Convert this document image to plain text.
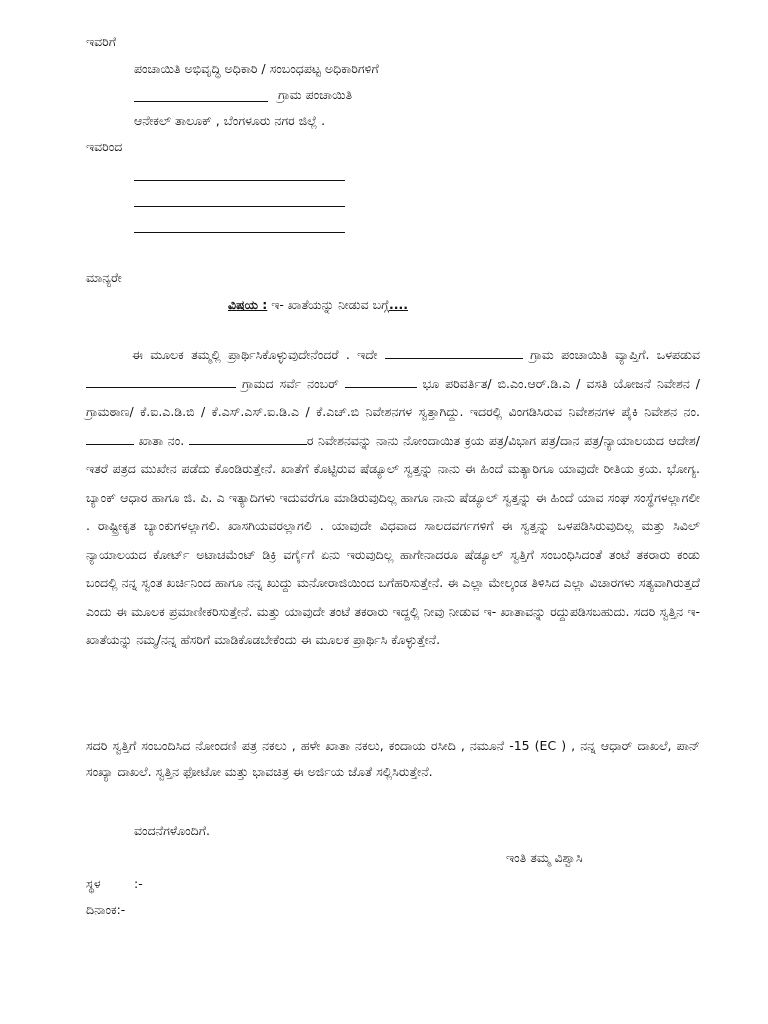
ಇವರಿಗೆ
ಪಂಚಾಯಿತಿ ಅಭಿವೃದ್ಧಿ ಅಧಿಕಾರಿ / ಸಂಬಂಧಪಟ್ಟ ಅಧಿಕಾರಿಗಳಿಗೆ
ಗ್ರಾಮ ಪಂಚಾಯಿತಿ
ಆನೇಕಲ್ ತಾಲೂಕ್ , ಬೆಂಗಳೂರು ನಗರ ಜಿಲ್ಲೆ .
ಇವರಿಂದ
ಮಾನ್ಯರೇ
ವಿಷಯ : ಇ- ಖಾತೆಯನ್ನು ನೀಡುವ ಬಗ್ಗೆ....
ಈ ಮೂಲಕ ತಮ್ಮಲ್ಲಿ ಪ್ರಾರ್ಥಿಸಿಕೊಳ್ಳುವುದೇನೆಂದರೆ . ಇದೇ	ಗ್ರಾಮ ಪಂಚಾಯಿತಿ ವ್ಯಾಪ್ತಿಗೆ. ಒಳಪಡುವ  ಗ್ರಾಮದ ಸರ್ವೆ ನಂಬರ್	ಭೂ ಪರಿವರ್ತಿತ/ ಬಿ.ಎಂ.ಆರ್.ಡಿ.ಎ / ವಸತಿ ಯೋಜನೆ ನಿವೇಶನ / ಗ್ರಾಮಠಾಣ/ ಕೆ.ಐ.ಎ.ಡಿ.ಬಿ / ಕೆ.ಎಸ್.ಎಸ್.ಐ.ಡಿ.ಎ / ಕೆ.ಎಚ್.ಬಿ ನಿವೇಶನಗಳ ಸ್ವತ್ತಾಗಿದ್ದು. ಇದರಲ್ಲಿ ವಿಂಗಡಿಸಿರುವ ನಿವೇಶನಗಳ ಪೈಕಿ ನಿವೇಶನ ನಂ.  ಖಾತಾ ನಂ.	ರ ನಿವೇಶನವನ್ನು ನಾನು ನೋಂದಾಯಿತ ಕ್ರಯ ಪತ್ರ/ವಿಭಾಗ ಪತ್ರ/ದಾನ ಪತ್ರ/ನ್ಯಾಯಾಲಯದ ಆದೇಶ/ಇತರೆ ಪತ್ರದ ಮುಖೇನ ಪಡೆದು ಕೊಂಡಿರುತ್ತೇನೆ. ಖಾತೆಗೆ ಕೊಟ್ಟಿರುವ ಷೆಡ್ಯೂಲ್ ಸ್ವತ್ತನ್ನು ನಾನು ಈ ಹಿಂದೆ ಮತ್ಯಾರಿಗೂ ಯಾವುದೇ ರೀತಿಯ ಕ್ರಯ. ಭೋಗ್ಯ. ಬ್ಯಾಂಕ್ ಆಧಾರ ಹಾಗೂ ಜಿ. ಪಿ. ಎ ಇತ್ಯಾದಿಗಳು ಇದುವರೆಗೂ ಮಾಡಿರುವುದಿಲ್ಲ ಹಾಗೂ ನಾನು ಷೆಡ್ಯೂಲ್ ಸ್ವತ್ತನ್ನು ಈ ಹಿಂದೆ ಯಾವ ಸಂಘ ಸಂಸ್ಥೆಗಳಲ್ಲಾಗಲೀ . ರಾಷ್ಟ್ರೀಕೃತ ಬ್ಯಾಂಕುಗಳಲ್ಲಾಗಲಿ. ಖಾಸಗಿಯವರಲ್ಲಾಗಲಿ . ಯಾವುದೇ ವಿಧವಾದ ಸಾಲದವರ್ಗಗಳಿಗೆ ಈ ಸ್ವತ್ತನ್ನು ಒಳಪಡಿಸಿರುವುದಿಲ್ಲ ಮತ್ತು ಸಿವಿಲ್ ನ್ಯಾಯಾಲಯದ ಕೋರ್ಟ್ ಅಟಾಚಮೆಂಟ್ ಡಿಕ್ರಿ ವರ್ಗೈಗೆ ಏನು ಇರುವುದಿಲ್ಲ ಹಾಗೇನಾದರೂ ಷೆಡ್ಯೂಲ್ ಸ್ವತ್ತಿಗೆ ಸಂಬಂಧಿಸಿದಂತೆ ತಂಟೆ ತಕರಾರು ಕಂಡು ಬಂದಲ್ಲಿ ನನ್ನ ಸ್ವಂತ ಖರ್ಚಿನಿಂದ ಹಾಗೂ ನನ್ನ ಖುದ್ದು ಮನೋರಾಜಿಯಿಂದ ಬಗೆಹರಿಸುತ್ತೇನೆ. ಈ ಎಲ್ಲಾ ಮೇಲ್ಕಂಡ ತಿಳಿಸಿದ ಎಲ್ಲಾ ವಿಚಾರಗಳು ಸತ್ಯವಾಗಿರುತ್ತದೆ ಎಂದು ಈ ಮೂಲಕ ಪ್ರಮಾಣೀಕರಿಸುತ್ತೇನೆ. ಮತ್ತು ಯಾವುದೇ ತಂಟೆ ತಕರಾರು ಇದ್ದಲ್ಲಿ ನೀವು ನೀಡುವ ಇ- ಖಾತಾವನ್ನು ರದ್ದುಪಡಿಸಬಹುದು. ಸದರಿ ಸ್ವತ್ತಿನ ಇ- ಖಾತೆಯನ್ನು ನಮ್ಮ/ನನ್ನ ಹೆಸರಿಗೆ ಮಾಡಿಕೊಡಬೇಕೆಂದು ಈ ಮೂಲಕ ಪ್ರಾರ್ಥಿಸಿ ಕೊಳ್ಳುತ್ತೇನೆ.
ಸದರಿ ಸ್ವತ್ತಿಗೆ ಸಂಬಂದಿಸಿದ ನೋಂದಣಿ ಪತ್ರ ನಕಲು , ಹಳೇ ಖಾತಾ ನಕಲು, ಕಂದಾಯ ರಸೀದಿ , ನಮೂನೆ -15 (EC ) , ನನ್ನ ಆಧಾರ್ ದಾಖಲೆ, ಪಾನ್ ಸಂಖ್ಯಾ ದಾಖಲೆ. ಸ್ವತ್ತಿನ ಫೋಟೋ ಮತ್ತು ಭಾವಚಿತ್ರ ಈ ಅರ್ಜಿಯ ಜೊತೆ ಸಲ್ಲಿಸಿರುತ್ತೇನೆ.
ವಂದನೆಗಳೊಂದಿಗೆ.
ಇಂತಿ ತಮ್ಮ ವಿಶ್ವಾಸಿ
ಸ್ಥಳ	:-
ದಿನಾಂಕ:-
